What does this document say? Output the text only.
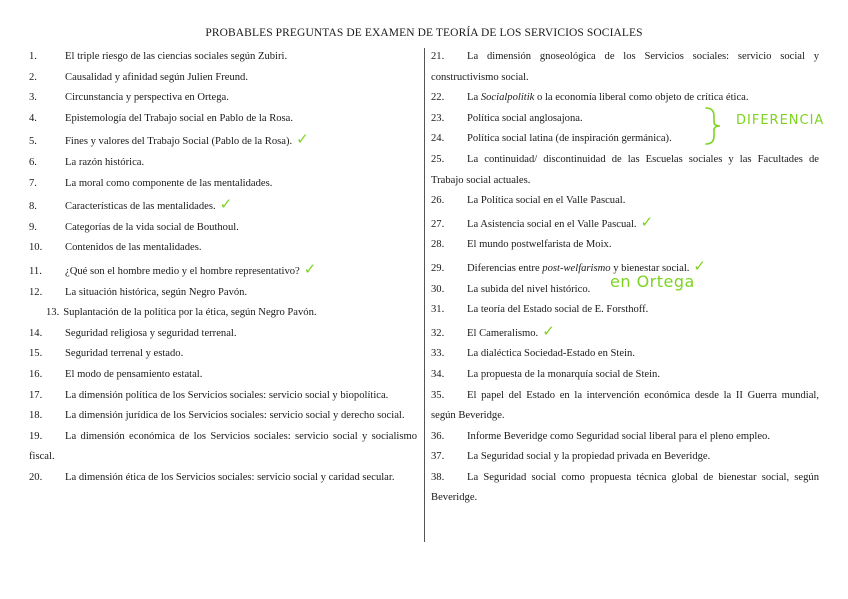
PROBABLES PREGUNTAS DE EXAMEN DE TEORÍA DE LOS SERVICIOS SOCIALES
1.	El triple riesgo de las ciencias sociales según Zubiri.
2.	Causalidad y afinidad según Julien Freund.
3.	Circunstancia y perspectiva en Ortega.
4.	Epistemología del Trabajo social en Pablo de la Rosa.
5.	Fines y valores del Trabajo Social (Pablo de la Rosa). ✓
6.	La razón histórica.
7.	La moral como componente de las mentalidades.
8.	Características de las mentalidades. ✓
9.	Categorías de la vida social de Bouthoul.
10. Contenidos de las mentalidades.
11. ¿Qué son el hombre medio y el hombre representativo? ✓
12. La situación histórica, según Negro Pavón.
13. Suplantación de la política por la ética, según Negro Pavón.
14. Seguridad religiosa y seguridad terrenal.
15. Seguridad terrenal y estado.
16. El modo de pensamiento estatal.
17. La dimensión política de los Servicios sociales: servicio social y biopolítica.
18. La dimensión jurídica de los Servicios sociales: servicio social y derecho social.
19. La dimensión económica de los Servicios sociales: servicio social y socialismo fiscal.
20. La dimensión ética de los Servicios sociales: servicio social y caridad secular.
21. La dimensión gnoseológica de los Servicios sociales: servicio social y constructivismo social.
22. La Socialpolitik o la economía liberal como objeto de crítica ética.
23. Política social anglosajona.
24. Política social latina (de inspiración germánica).
25. La continuidad/ discontinuidad de las Escuelas sociales y las Facultades de Trabajo social actuales.
26. La Política social en el Valle Pascual.
27. La Asistencia social en el Valle Pascual. ✓
28. El mundo postwelfarista de Moix.
29. Diferencias entre post-welfarismo y bienestar social. ✓
30. La subida del nivel histórico.
31. La teoría del Estado social de E. Forsthoff.
32. El Cameralismo. ✓
33. La dialéctica Sociedad-Estado en Stein.
34. La propuesta de la monarquía social de Stein.
35. El papel del Estado en la intervención económica desde la II Guerra mundial, según Beveridge.
36. Informe Beveridge como Seguridad social liberal para el pleno empleo.
37. La Seguridad social y la propiedad privada en Beveridge.
38. La Seguridad social como propuesta técnica global de bienestar social, según Beveridge.
DIFERENCIA
en Ortega
